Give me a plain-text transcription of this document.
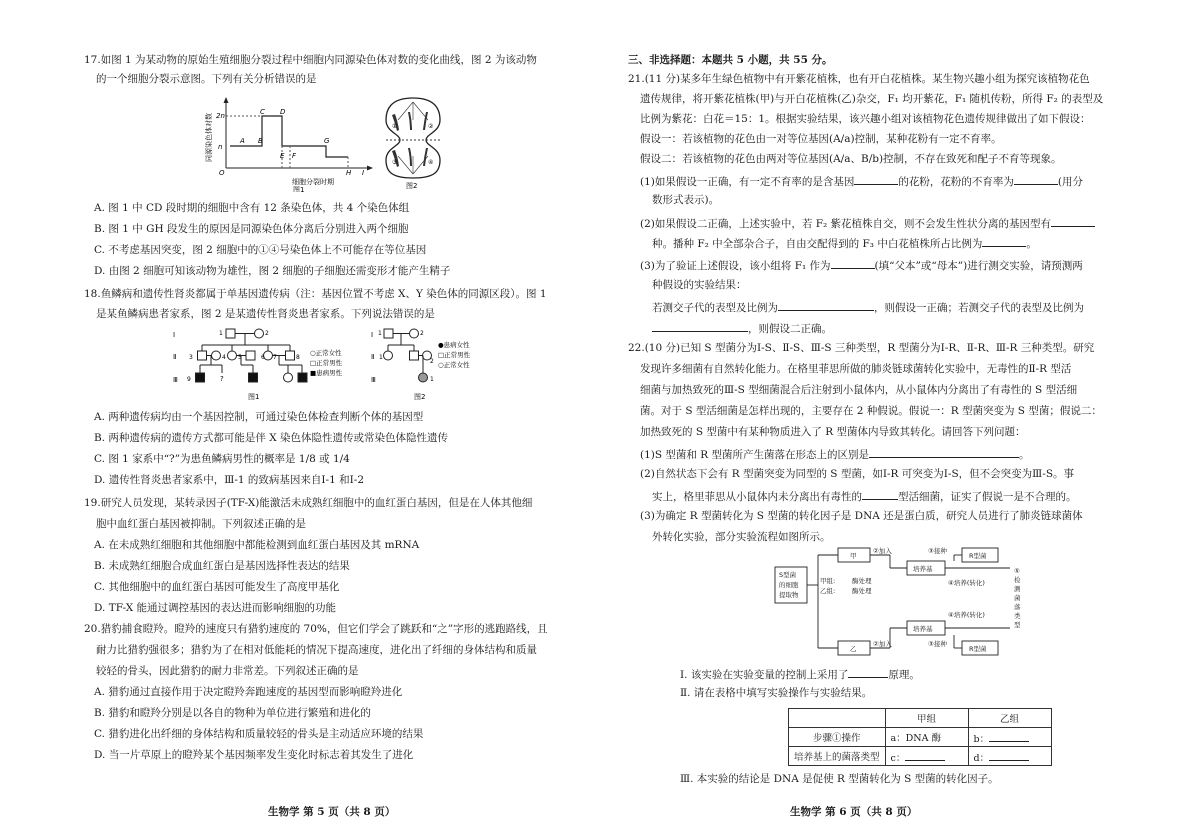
17.如图 1 为某动物的原始生殖细胞分裂过程中细胞内同源染色体对数的变化曲线，图 2 为该动物
的一个细胞分裂示意图。下列有关分析错误的是
同源染色体对数 2n
n
O
细胞分裂时期
图1
A B
C D
E F
G
H I
①	②
③	④
图2
A. 图 1 中 CD 段时期的细胞中含有 12 条染色体，共 4 个染色体组
B. 图 1 中 GH 段发生的原因是同源染色体分离后分别进入两个细胞
C. 不考虑基因突变，图 2 细胞中的①④号染色体上不可能存在等位基因
D. 由图 2 细胞可知该动物为雄性，图 2 细胞的子细胞还需变形才能产生精子
18.鱼鳞病和遗传性肾炎都属于单基因遗传病（注：基因位置不考虑 X、Y 染色体的同源区段）。图 1
是某鱼鳞病患者家系，图 2 是某遗传性肾炎患者家系。下列说法错误的是
Ⅰ
Ⅱ
Ⅲ	?
○正常女性
□正常男性
■患病男性
图1
1	2
3	4 5	6 7	8
9
Ⅰ
Ⅱ
Ⅲ
●患病女性
□正常男性
○正常女性
图2
1	2
1
2
1
A. 两种遗传病均由一个基因控制，可通过染色体检查判断个体的基因型
B. 两种遗传病的遗传方式都可能是伴 X 染色体隐性遗传或常染色体隐性遗传
C. 图 1 家系中“?”为患鱼鳞病男性的概率是 1/8 或 1/4
D. 遗传性肾炎患者家系中，Ⅲ-1 的致病基因来自Ⅰ-1 和Ⅰ-2
19.研究人员发现，某转录因子(TF-X)能激活未成熟红细胞中的血红蛋白基因，但是在人体其他细
胞中血红蛋白基因被抑制。下列叙述正确的是
A. 在未成熟红细胞和其他细胞中都能检测到血红蛋白基因及其 mRNA
B. 未成熟红细胞合成血红蛋白是基因选择性表达的结果
C. 其他细胞中的血红蛋白基因可能发生了高度甲基化
D. TF-X 能通过调控基因的表达进而影响细胞的功能
20.猎豹捕食瞪羚。瞪羚的速度只有猎豹速度的 70%，但它们学会了跳跃和“之”字形的逃跑路线，且
耐力比猎豹强很多；猎豹为了在相对低能耗的情况下提高速度，进化出了纤细的身体结构和质量
较轻的骨头，因此猎豹的耐力非常差。下列叙述正确的是
A. 猎豹通过直接作用于决定瞪羚奔跑速度的基因型而影响瞪羚进化
B. 猎豹和瞪羚分别是以各自的物种为单位进行繁殖和进化的
C. 猎豹进化出纤细的身体结构和质量较轻的骨头是主动适应环境的结果
D. 当一片草原上的瞪羚某个基因频率发生变化时标志着其发生了进化
生物学 第 5 页（共 8 页）
三、非选择题：本题共 5 小题，共 55 分。
21.(11 分)某多年生绿色植物中有开紫花植株，也有开白花植株。某生物兴趣小组为探究该植物花色
遗传规律，将开紫花植株(甲)与开白花植株(乙)杂交，F₁ 均开紫花，F₁ 随机传粉，所得 F₂ 的表型及
比例为紫花：白花＝15：1。根据实验结果，该兴趣小组对该植物花色遗传规律做出了如下假设：
假设一：若该植物的花色由一对等位基因(A/a)控制，某种花粉有一定不育率。
假设二：若该植物的花色由两对等位基因(A/a、B/b)控制，不存在致死和配子不育等现象。
(1)如果假设一正确，有一定不育率的是含基因	的花粉，花粉的不育率为	(用分
数形式表示)。
(2)如果假设二正确，上述实验中，若 F₂ 紫花植株自交，则不会发生性状分离的基因型有
种。播种 F₂ 中全部杂合子，自由交配得到的 F₃ 中白花植株所占比例为	。
(3)为了验证上述假设，该小组将 F₁ 作为	(填“父本”或“母本”)进行测交实验，请预测两
种假设的实验结果：
若测交子代的表型及比例为	，则假设一正确；若测交子代的表型及比例为
，则假设二正确。
22.(10 分)已知 S 型菌分为Ⅰ-S、Ⅱ-S、Ⅲ-S 三种类型，R 型菌分为Ⅰ-R、Ⅱ-R、Ⅲ-R 三种类型。研究
发现许多细菌有自然转化能力。在格里菲思所做的肺炎链球菌转化实验中，无毒性的Ⅱ-R 型活
细菌与加热致死的Ⅲ-S 型细菌混合后注射到小鼠体内，从小鼠体内分离出了有毒性的 S 型活细
菌。对于 S 型活细菌是怎样出现的，主要存在 2 种假说。假说一：R 型菌突变为 S 型菌；假说二：
加热致死的 S 型菌中有某种物质进入了 R 型菌体内导致其转化。请回答下列问题：
(1)S 型菌和 R 型菌所产生菌落在形态上的区别是	。
(2)自然状态下会有 R 型菌突变为同型的 S 型菌，如Ⅰ-R 可突变为Ⅰ-S，但不会突变为Ⅲ-S。事
实上，格里菲思从小鼠体内未分离出有毒性的	型活细菌，证实了假说一是不合理的。
(3)为确定 R 型菌转化为 S 型菌的转化因子是 DNA 还是蛋白质，研究人员进行了肺炎链球菌体
外转化实验，部分实验流程如图所示。
S型菌
的细胞
提取物
甲
乙
甲组:
乙组:
酶处理
酶处理
②加入
②加入
③接种
③接种
R型菌
R型菌
培养基
培养基
④培养(转化)
④培养(转化)
⑤
检
测
菌
落
类
型
Ⅰ. 该实验在实验变量的控制上采用了	原理。
Ⅱ. 请在表格中填写实验操作与实验结果。
	甲组	乙组
步骤①操作	a：DNA 酶	b：
培养基上的菌落类型	c：	d：
Ⅲ. 本实验的结论是 DNA 是促使 R 型菌转化为 S 型菌的转化因子。
生物学 第 6 页（共 8 页）
